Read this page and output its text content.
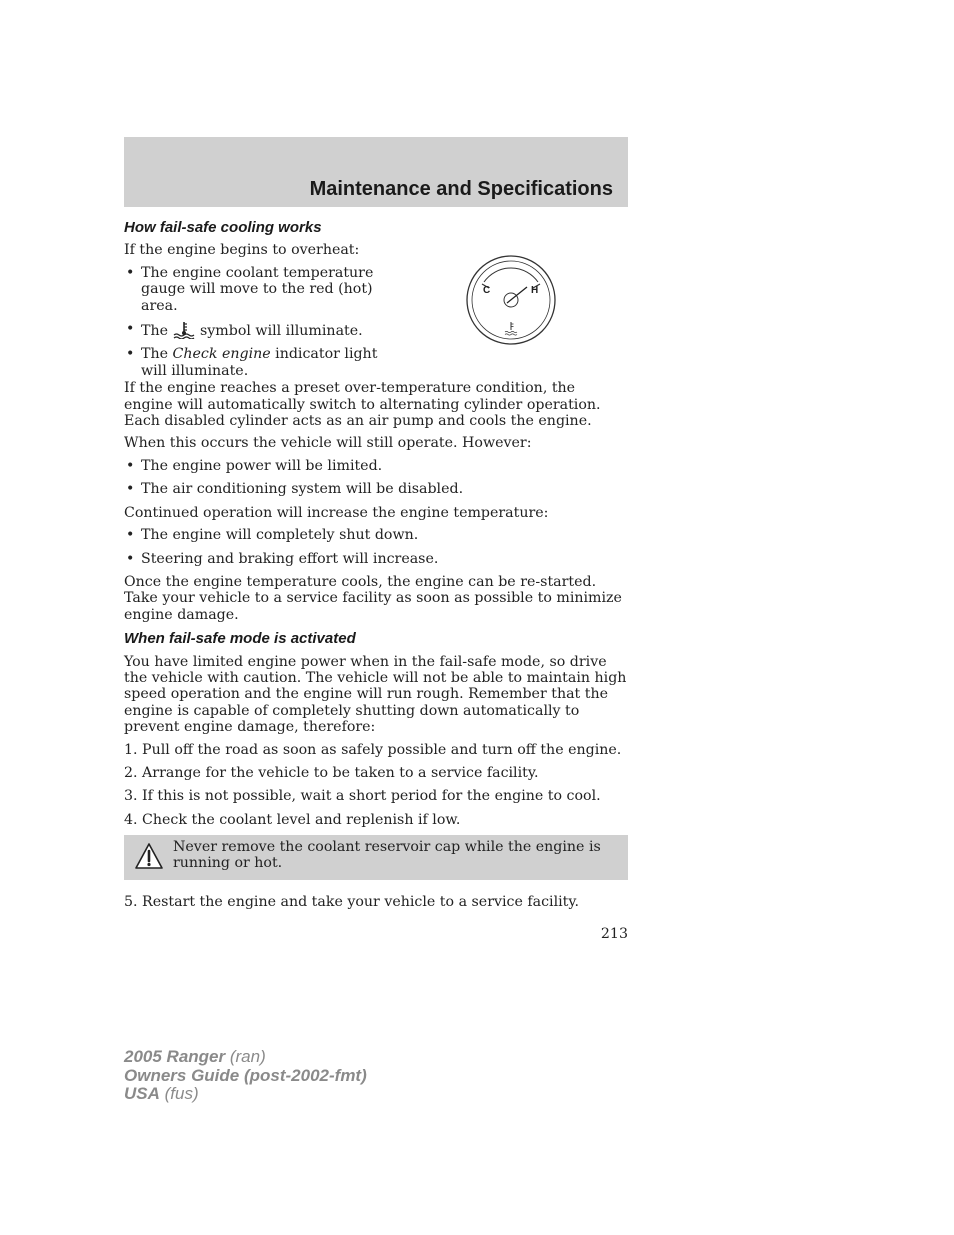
Maintenance and Specifications
How fail-safe cooling works
If the engine begins to overheat:
• The engine coolant temperature gauge will move to the red (hot) area.
• The symbol will illuminate.
• The Check engine indicator light will illuminate.
If the engine reaches a preset over-temperature condition, the engine will automatically switch to alternating cylinder operation. Each disabled cylinder acts as an air pump and cools the engine.
When this occurs the vehicle will still operate. However:
• The engine power will be limited.
• The air conditioning system will be disabled.
Continued operation will increase the engine temperature:
• The engine will completely shut down.
• Steering and braking effort will increase.
Once the engine temperature cools, the engine can be re-started. Take your vehicle to a service facility as soon as possible to minimize engine damage.
When fail-safe mode is activated
You have limited engine power when in the fail-safe mode, so drive the vehicle with caution. The vehicle will not be able to maintain high speed operation and the engine will run rough. Remember that the engine is capable of completely shutting down automatically to prevent engine damage, therefore:
1. Pull off the road as soon as safely possible and turn off the engine.
2. Arrange for the vehicle to be taken to a service facility.
3. If this is not possible, wait a short period for the engine to cool.
4. Check the coolant level and replenish if low.
C	H
Never remove the coolant reservoir cap while the engine is running or hot.
5. Restart the engine and take your vehicle to a service facility.
213
2005 Ranger (ran)
Owners Guide (post-2002-fmt)
USA (fus)
